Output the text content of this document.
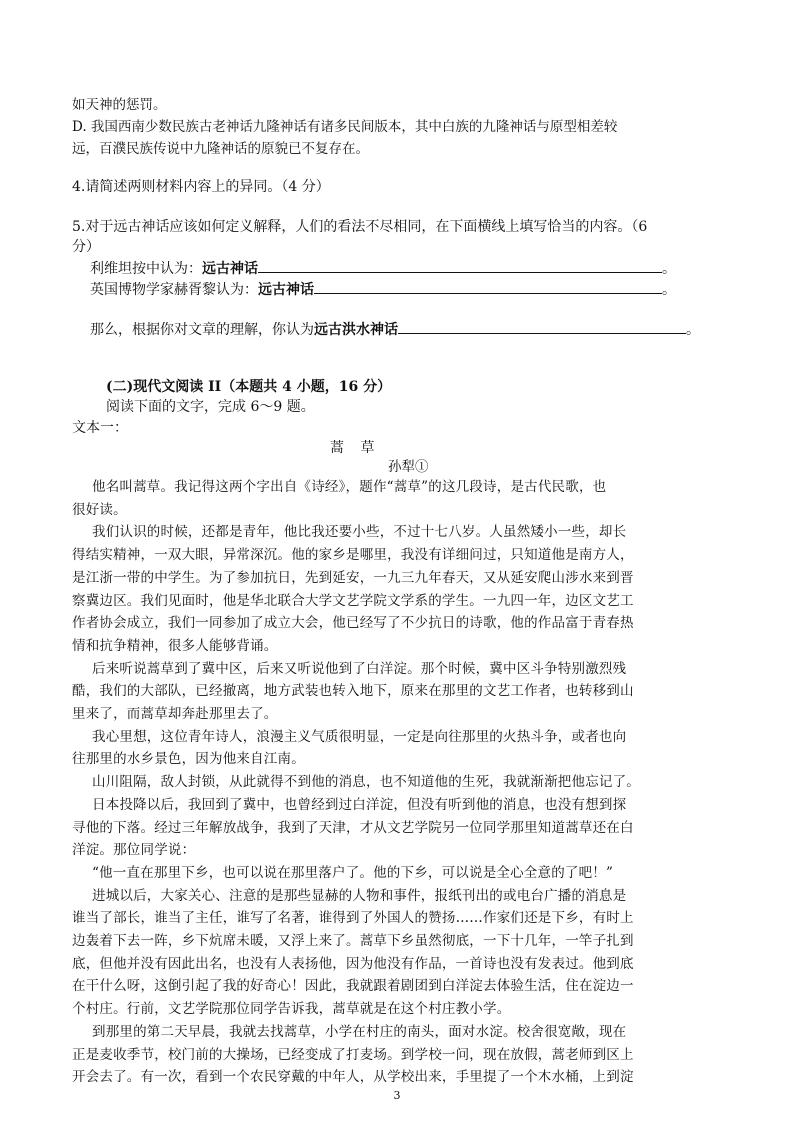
如天神的惩罚。
D. 我国西南少数民族古老神话九隆神话有诸多民间版本，其中白族的九隆神话与原型相差较
远，百濮民族传说中九隆神话的原貌已不复存在。
4.请简述两则材料内容上的异同。（4 分）
5.对于远古神话应该如何定义解释，人们的看法不尽相同，在下面横线上填写恰当的内容。（6
分）
利维坦按中认为：远古神话	。
英国博物学家赫胥黎认为：远古神话	。
那么，根据你对文章的理解，你认为远古洪水神话	。
(二)现代文阅读 II（本题共 4 小题，16 分）
阅读下面的文字，完成 6～9 题。
文本一：
蒿 草
孙犁①
他名叫蒿草。我记得这两个字出自《诗经》，题作“蒿草”的这几段诗，是古代民歌，也
很好读。
我们认识的时候，还都是青年，他比我还要小些，不过十七八岁。人虽然矮小一些，却长
得结实精神，一双大眼，异常深沉。他的家乡是哪里，我没有详细问过，只知道他是南方人，
是江浙一带的中学生。为了参加抗日，先到延安，一九三九年春天，又从延安爬山涉水来到晋
察冀边区。我们见面时，他是华北联合大学文艺学院文学系的学生。一九四一年，边区文艺工
作者协会成立，我们一同参加了成立大会，他已经写了不少抗日的诗歌，他的作品富于青春热
情和抗争精神，很多人能够背诵。
后来听说蒿草到了冀中区，后来又听说他到了白洋淀。那个时候，冀中区斗争特别激烈残
酷，我们的大部队，已经撤离，地方武装也转入地下，原来在那里的文艺工作者，也转移到山
里来了，而蒿草却奔赴那里去了。
我心里想，这位青年诗人，浪漫主义气质很明显，一定是向往那里的火热斗争，或者也向
往那里的水乡景色，因为他来自江南。
山川阻隔，敌人封锁，从此就得不到他的消息，也不知道他的生死，我就渐渐把他忘记了。
日本投降以后，我回到了冀中，也曾经到过白洋淀，但没有听到他的消息，也没有想到探
寻他的下落。经过三年解放战争，我到了天津，才从文艺学院另一位同学那里知道蒿草还在白
洋淀。那位同学说：
“他一直在那里下乡，也可以说在那里落户了。他的下乡，可以说是全心全意的了吧！”
进城以后，大家关心、注意的是那些显赫的人物和事件，报纸刊出的或电台广播的消息是
谁当了部长，谁当了主任，谁写了名著，谁得到了外国人的赞扬……作家们还是下乡，有时上
边轰着下去一阵，乡下炕席未暖，又浮上来了。蒿草下乡虽然彻底，一下十几年，一竿子扎到
底，但他并没有因此出名，也没有人表扬他，因为他没有作品，一首诗也没有发表过。他到底
在干什么呀，这倒引起了我的好奇心！因此，我就跟着剧团到白洋淀去体验生活，住在淀边一
个村庄。行前，文艺学院那位同学告诉我，蒿草就是在这个村庄教小学。
到那里的第二天早晨，我就去找蒿草，小学在村庄的南头，面对水淀。校舍很宽敞，现在
正是麦收季节，校门前的大操场，已经变成了打麦场。到学校一问，现在放假，蒿老师到区上
开会去了。有一次，看到一个农民穿戴的中年人，从学校出来，手里提了一个木水桶，上到淀
3
